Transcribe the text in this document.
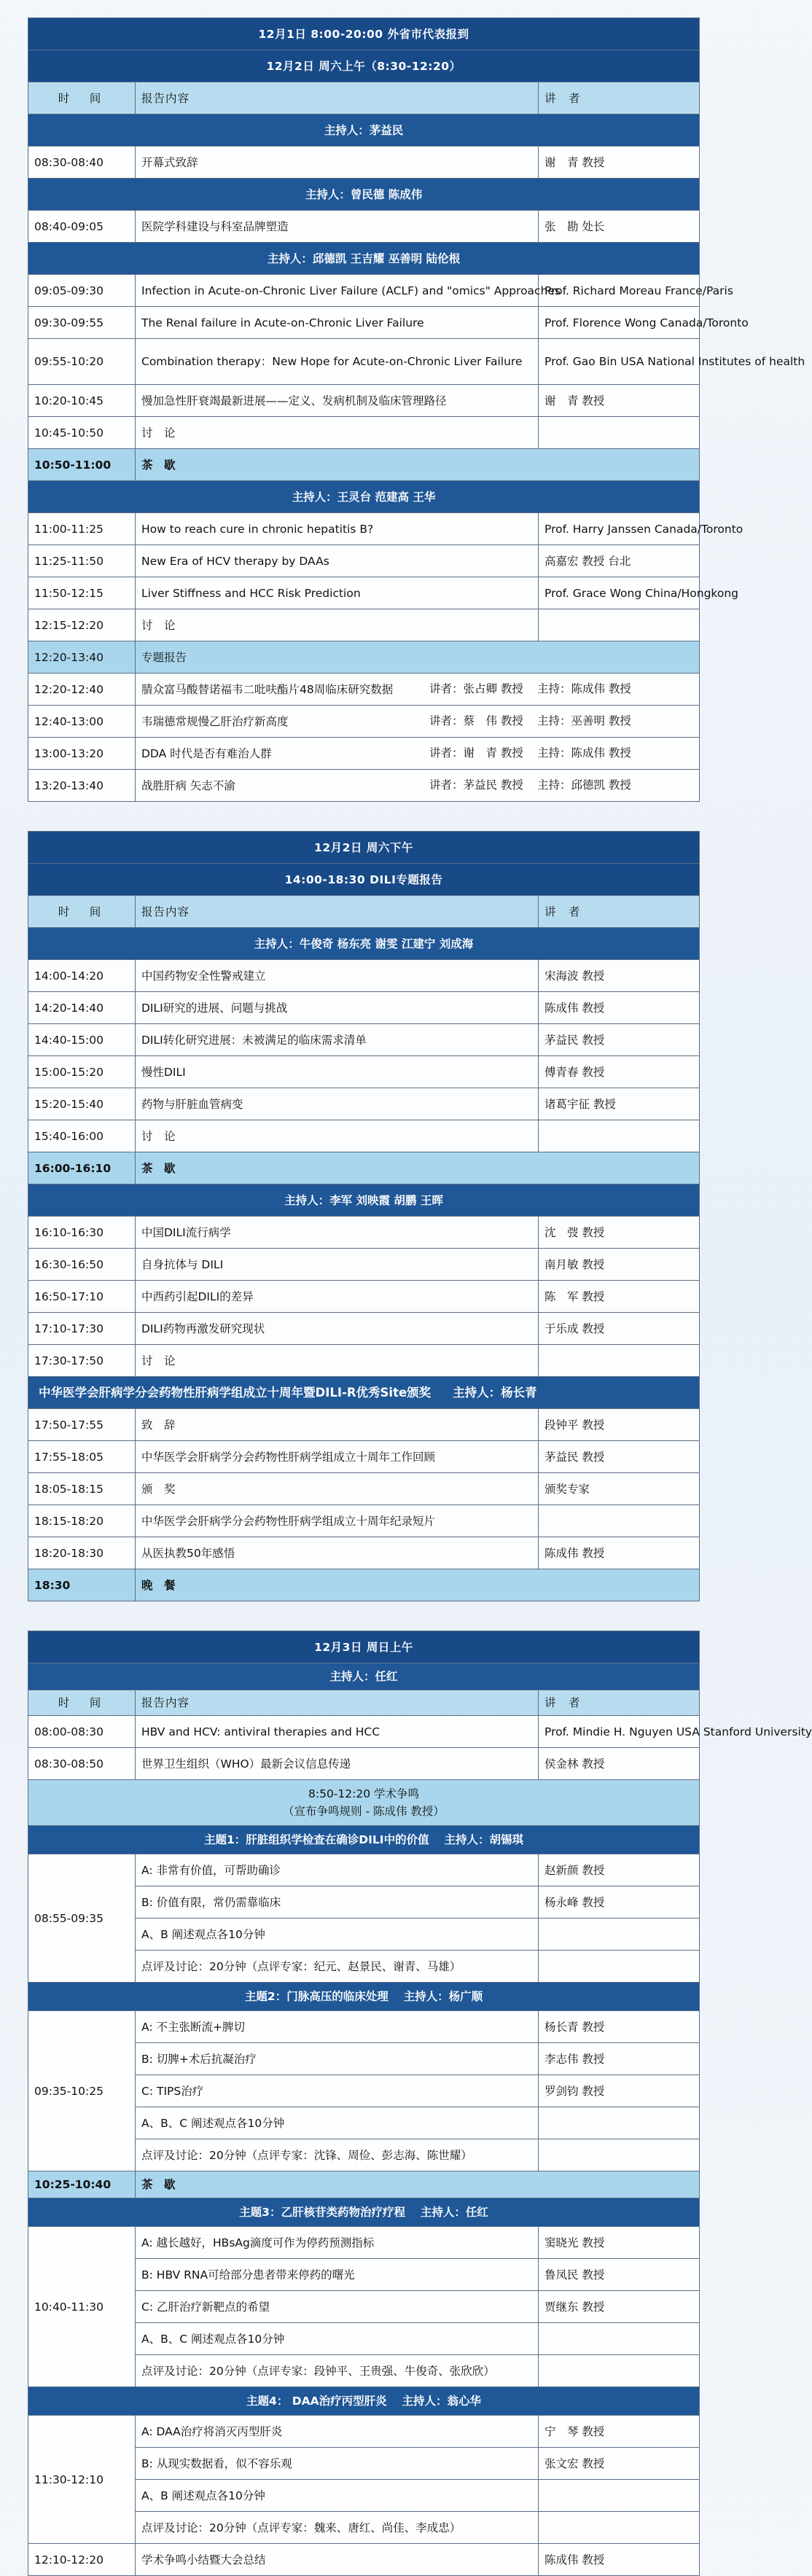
12月1日 8:00-20:00 外省市代表报到		
12月2日 周六上午（8:30-12:20）		
时　间	报告内容	讲　者
主持人：茅益民		
08:30-08:40	开幕式致辞	谢　青 教授
主持人：曾民德 陈成伟		
08:40-09:05	医院学科建设与科室品牌塑造	张　勘 处长
主持人：邱德凯 王吉耀 巫善明 陆伦根		
09:05-09:30	Infection in Acute-on-Chronic Liver Failure (ACLF) and "omics" Approaches	Prof. Richard Moreau France/Paris
09:30-09:55	The Renal failure in Acute-on-Chronic Liver Failure	Prof. Florence Wong Canada/Toronto
09:55-10:20	Combination therapy：New Hope for Acute-on-Chronic Liver Failure	Prof. Gao Bin USA National Institutes of health
10:20-10:45	慢加急性肝衰竭最新进展——定义、发病机制及临床管理路径	谢　青 教授
10:45-10:50	讨　论	
10:50-11:00	茶　歇	
主持人：王灵台 范建高 王华		
11:00-11:25	How to reach cure in chronic hepatitis B?	Prof. Harry Janssen Canada/Toronto
11:25-11:50	New Era of HCV therapy by DAAs	高嘉宏 教授 台北
11:50-12:15	Liver Stiffness and HCC Risk Prediction	Prof. Grace Wong China/Hongkong
12:15-12:20	讨　论	
12:20-13:40	专题报告	
12:20-12:40	腈众富马酸替诺福韦二吡呋酯片48周临床研究数据 讲者：张占卿 教授 主持：陈成伟 教授	
12:40-13:00	韦瑞德常规慢乙肝治疗新高度 讲者：蔡　伟 教授 主持：巫善明 教授	
13:00-13:20	DDA 时代是否有难治人群 讲者：谢　青 教授 主持：陈成伟 教授	
13:20-13:40	战胜肝病 矢志不渝 讲者：茅益民 教授 主持：邱德凯 教授	
12月2日 周六下午		
14:00-18:30 DILI专题报告		
时　间	报告内容	讲　者
主持人：牛俊奇 杨东亮 谢雯 江建宁 刘成海		
14:00-14:20	中国药物安全性警戒建立	宋海波 教授
14:20-14:40	DILI研究的进展、问题与挑战	陈成伟 教授
14:40-15:00	DILI转化研究进展：未被满足的临床需求清单	茅益民 教授
15:00-15:20	慢性DILI	傅青春 教授
15:20-15:40	药物与肝脏血管病变	诸葛宇征 教授
15:40-16:00	讨　论	
16:00-16:10	茶　歇	
主持人：李军 刘映霞 胡鹏 王晖		
16:10-16:30	中国DILI流行病学	沈　弢 教授
16:30-16:50	自身抗体与 DILI	南月敏 教授
16:50-17:10	中西药引起DILI的差异	陈　军 教授
17:10-17:30	DILI药物再激发研究现状	于乐成 教授
17:30-17:50	讨　论	
中华医学会肝病学分会药物性肝病学组成立十周年暨DILI-R优秀Site颁奖 主持人：杨长青		
17:50-17:55	致　辞	段钟平 教授
17:55-18:05	中华医学会肝病学分会药物性肝病学组成立十周年工作回顾	茅益民 教授
18:05-18:15	颁　奖	颁奖专家
18:15-18:20	中华医学会肝病学分会药物性肝病学组成立十周年纪录短片	
18:20-18:30	从医执教50年感悟	陈成伟 教授
18:30	晚　餐	
12月3日 周日上午		
主持人：任红		
时　间	报告内容	讲　者
08:00-08:30	HBV and HCV: antiviral therapies and HCC	Prof. Mindie H. Nguyen USA Stanford University
08:30-08:50	世界卫生组织（WHO）最新会议信息传递	侯金林 教授

8:50-12:20 学术争鸣
（宣布争鸣规则 - 陈成伟 教授）		

主题1：肝脏组织学检查在确诊DILI中的价值　 主持人：胡锡琪		
08:55-09:35	A: 非常有价值，可帮助确诊	赵新颜 教授
	B: 价值有限，常仍需靠临床	杨永峰 教授
	A、B 阐述观点各10分钟	
	点评及讨论：20分钟（点评专家：纪元、赵景民、谢青、马雄）	
主题2：门脉高压的临床处理　 主持人：杨广顺		
09:35-10:25	A: 不主张断流+脾切	杨长青 教授
	B: 切脾+术后抗凝治疗	李志伟 教授
	C: TIPS治疗	罗剑钧 教授
	A、B、C 阐述观点各10分钟	
	点评及讨论：20分钟（点评专家：沈锋、周俭、彭志海、陈世耀）	
10:25-10:40	茶　歇	
主题3：乙肝核苷类药物治疗疗程　 主持人：任红		
10:40-11:30	A: 越长越好，HBsAg滴度可作为停药预测指标	窦晓光 教授
	B: HBV RNA可给部分患者带来停药的曙光	鲁凤民 教授
	C: 乙肝治疗新靶点的希望	贾继东 教授
	A、B、C 阐述观点各10分钟	
	点评及讨论：20分钟（点评专家：段钟平、王贵强、牛俊奇、张欣欣）	
主题4： DAA治疗丙型肝炎　 主持人：翁心华		
11:30-12:10	A: DAA治疗将消灭丙型肝炎	宁　琴 教授
	B: 从现实数据看，似不容乐观	张文宏 教授
	A、B 阐述观点各10分钟	
	点评及讨论：20分钟（点评专家：魏来、唐红、尚佳、李成忠）	
12:10-12:20	学术争鸣小结暨大会总结	陈成伟 教授
